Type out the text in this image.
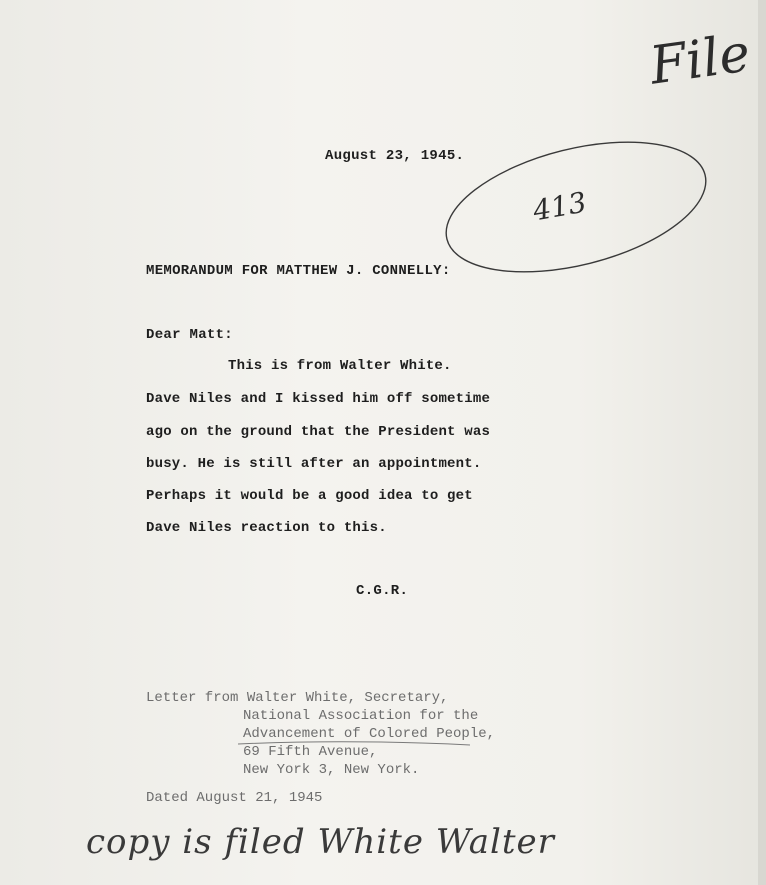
File
413
August 23, 1945.
MEMORANDUM FOR MATTHEW J. CONNELLY:
Dear Matt:
This is from Walter White.
Dave Niles and I kissed him off sometime
ago on the ground that the President was
busy. He is still after an appointment.
Perhaps it would be a good idea to get
Dave Niles reaction to this.
C.G.R.
Letter from Walter White, Secretary,
National Association for the
Advancement of Colored People,
69 Fifth Avenue,
New York 3, New York.
Dated August 21, 1945
copy is filed White Walter
